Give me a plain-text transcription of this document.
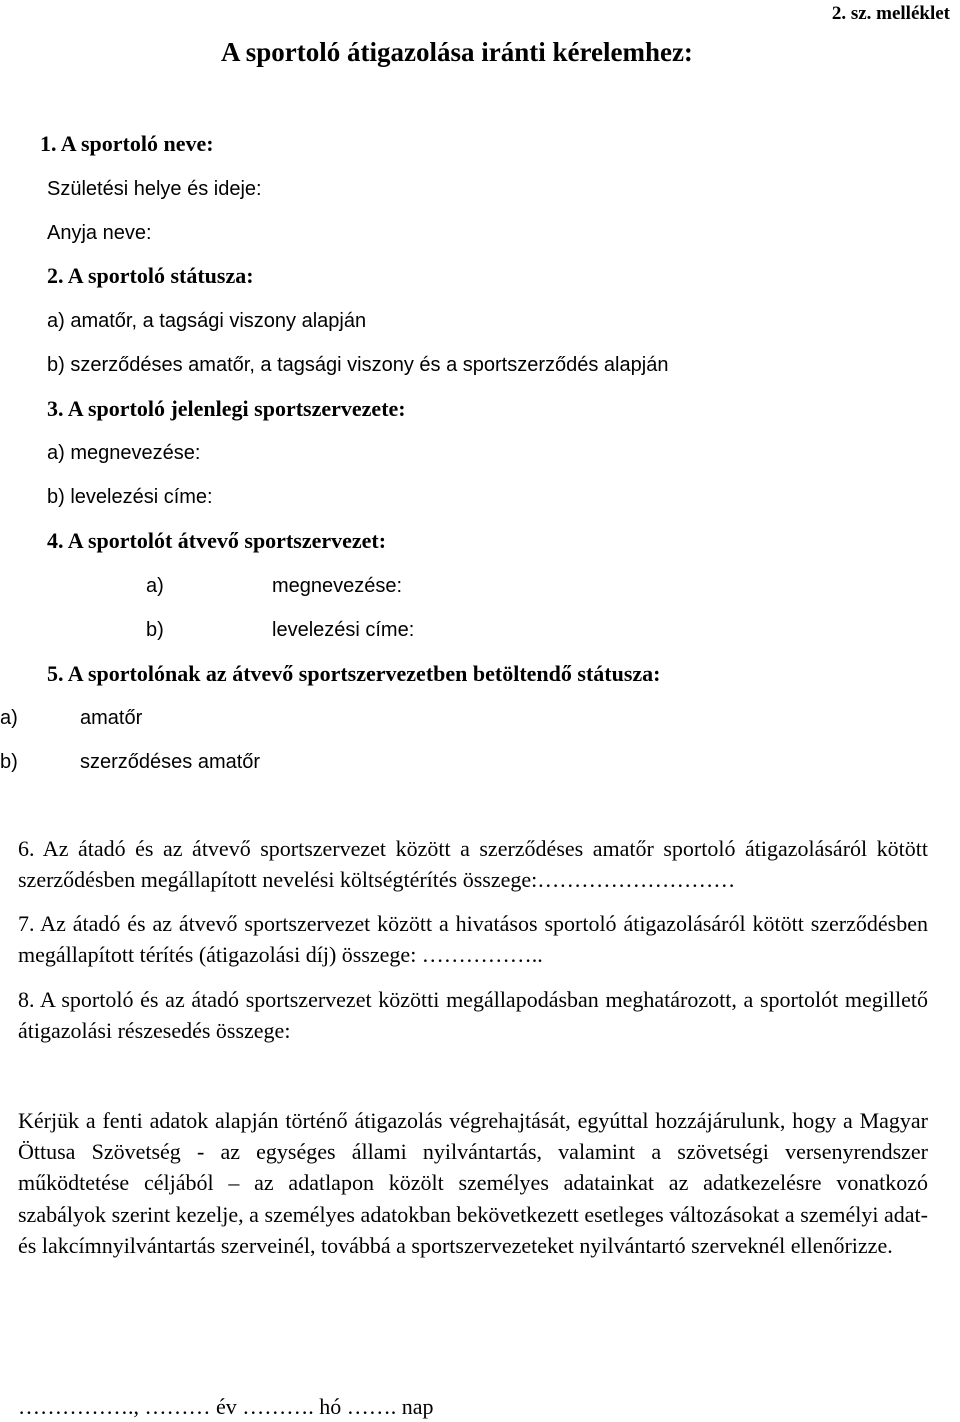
2. sz. melléklet
A sportoló átigazolása iránti kérelemhez:
1. A sportoló neve:
Születési helye és ideje:
Anyja neve:
2. A sportoló státusza:
a) amatőr, a tagsági viszony alapján
b) szerződéses amatőr, a tagsági viszony és a sportszerződés alapján
3. A sportoló jelenlegi sportszervezete:
a) megnevezése:
b) levelezési címe:
4. A sportolót átvevő sportszervezet:
a)	megnevezése:
b)	levelezési címe:
5. A sportolónak az átvevő sportszervezetben betöltendő státusza:
a)	amatőr
b)	szerződéses amatőr
6. Az átadó és az átvevő sportszervezet között a szerződéses amatőr sportoló átigazolásáról kötött szerződésben megállapított nevelési költségtérítés összege:………………………
7. Az átadó és az átvevő sportszervezet között a hivatásos sportoló átigazolásáról kötött szerződésben megállapított térítés (átigazolási díj) összege: ……………..
8. A sportoló és az átadó sportszervezet közötti megállapodásban meghatározott, a sportolót megillető átigazolási részesedés összege:
Kérjük a fenti adatok alapján történő átigazolás végrehajtását, egyúttal hozzájárulunk, hogy a Magyar Öttusa Szövetség - az egységes állami nyilvántartás, valamint a szövetségi versenyrendszer működtetése céljából – az adatlapon közölt személyes adatainkat az adatkezelésre vonatkozó szabályok szerint kezelje, a személyes adatokban bekövetkezett esetleges változásokat a személyi adat- és lakcímnyilvántartás szerveinél, továbbá a sportszervezeteket nyilvántartó szerveknél ellenőrizze.
……………., ……… év ………. hó ……. nap
